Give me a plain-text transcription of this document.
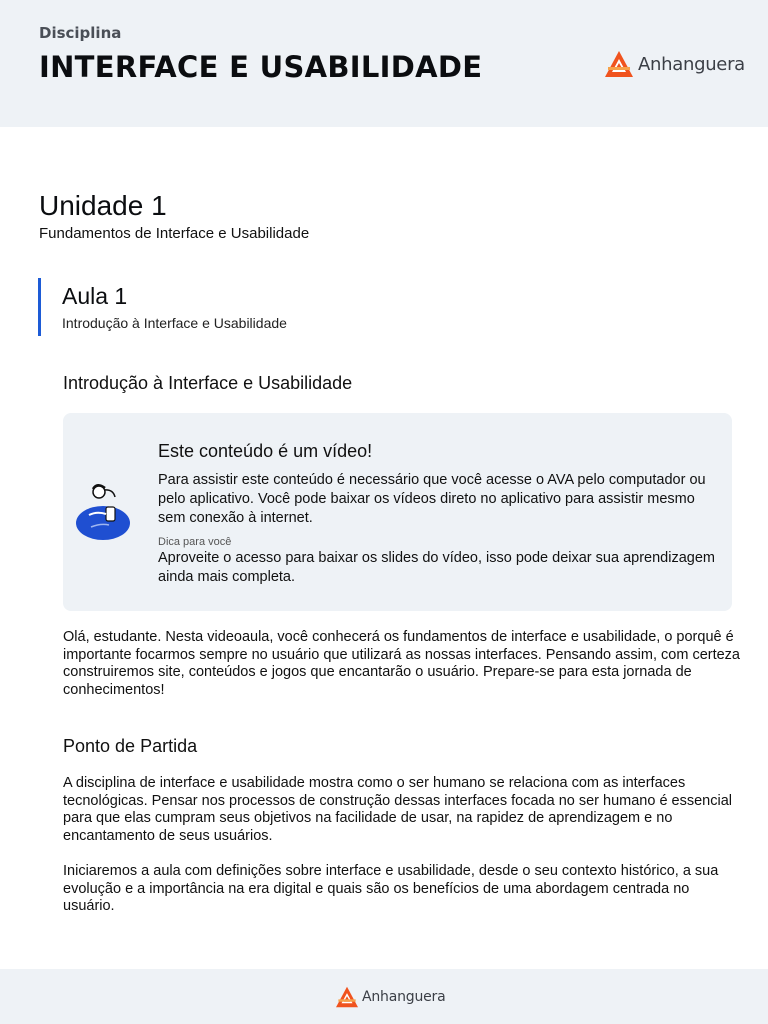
Disciplina
INTERFACE E USABILIDADE	Anhanguera
Unidade 1
Fundamentos de Interface e Usabilidade
Aula 1
Introdução à Interface e Usabilidade
Introdução à Interface e Usabilidade
Este conteúdo é um vídeo!
Para assistir este conteúdo é necessário que você acesse o AVA pelo computador ou pelo aplicativo. Você pode baixar os vídeos direto no aplicativo para assistir mesmo sem conexão à internet.
Dica para você
Aproveite o acesso para baixar os slides do vídeo, isso pode deixar sua aprendizagem ainda mais completa.
Olá, estudante. Nesta videoaula, você conhecerá os fundamentos de interface e usabilidade, o porquê é importante focarmos sempre no usuário que utilizará as nossas interfaces. Pensando assim, com certeza construiremos site, conteúdos e jogos que encantarão o usuário. Prepare-se para esta jornada de conhecimentos!
Ponto de Partida
A disciplina de interface e usabilidade mostra como o ser humano se relaciona com as interfaces tecnológicas. Pensar nos processos de construção dessas interfaces focada no ser humano é essencial para que elas cumpram seus objetivos na facilidade de usar, na rapidez de aprendizagem e no encantamento de seus usuários.
Iniciaremos a aula com definições sobre interface e usabilidade, desde o seu contexto histórico, a sua evolução e a importância na era digital e quais são os benefícios de uma abordagem centrada no usuário.
Anhanguera
